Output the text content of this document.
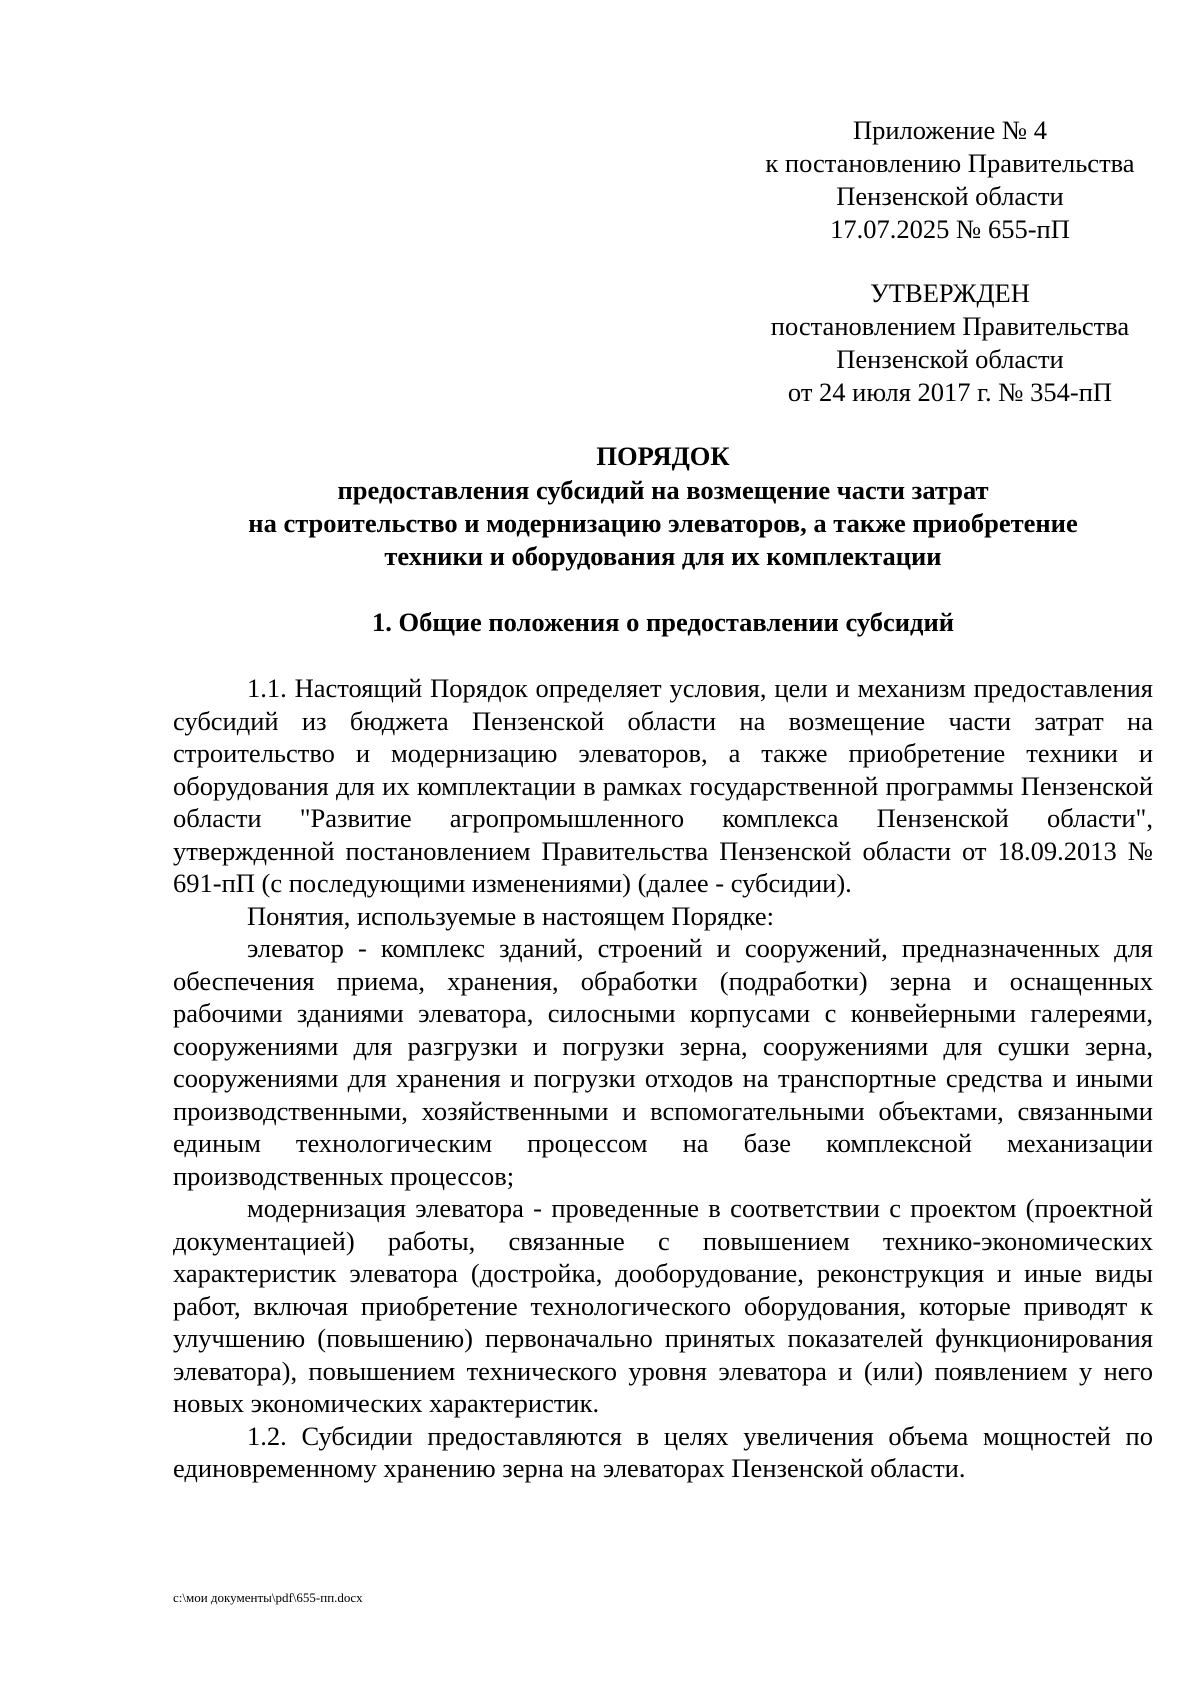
Приложение № 4
к постановлению Правительства
Пензенской области
17.07.2025 № 655-пП
УТВЕРЖДЕН
постановлением Правительства
Пензенской области
от 24 июля 2017 г. № 354-пП
ПОРЯДОК
предоставления субсидий на возмещение части затрат
на строительство и модернизацию элеваторов, а также приобретение
техники и оборудования для их комплектации
1. Общие положения о предоставлении субсидий

1.1. Настоящий Порядок определяет условия, цели и механизм предоставления субсидий из бюджета Пензенской области на возмещение части затрат на строительство и модернизацию элеваторов, а также приобретение техники и оборудования для их комплектации в рамках государственной программы Пензенской области "Развитие агропромышленного комплекса Пензенской области", утвержденной постановлением Правительства Пензенской области от 18.09.2013 № 691-пП (с последующими изменениями) (далее - субсидии).

Понятия, используемые в настоящем Порядке:

элеватор - комплекс зданий, строений и сооружений, предназначенных для обеспечения приема, хранения, обработки (подработки) зерна и оснащенных рабочими зданиями элеватора, силосными корпусами с конвейерными галереями, сооружениями для разгрузки и погрузки зерна, сооружениями для сушки зерна, сооружениями для хранения и погрузки отходов на транспортные средства и иными производственными, хозяйственными и вспомогательными объектами, связанными единым технологическим процессом на базе комплексной механизации производственных процессов;

модернизация элеватора - проведенные в соответствии с проектом (проектной документацией) работы, связанные с повышением технико-экономических характеристик элеватора (достройка, дооборудование, реконструкция и иные виды работ, включая приобретение технологического оборудования, которые приводят к улучшению (повышению) первоначально принятых показателей функционирования элеватора), повышением технического уровня элеватора и (или) появлением у него новых экономических характеристик.

1.2. Субсидии предоставляются в целях увеличения объема мощностей по единовременному хранению зерна на элеваторах Пензенской области.

c:\мои документы\pdf\655-пп.docx
